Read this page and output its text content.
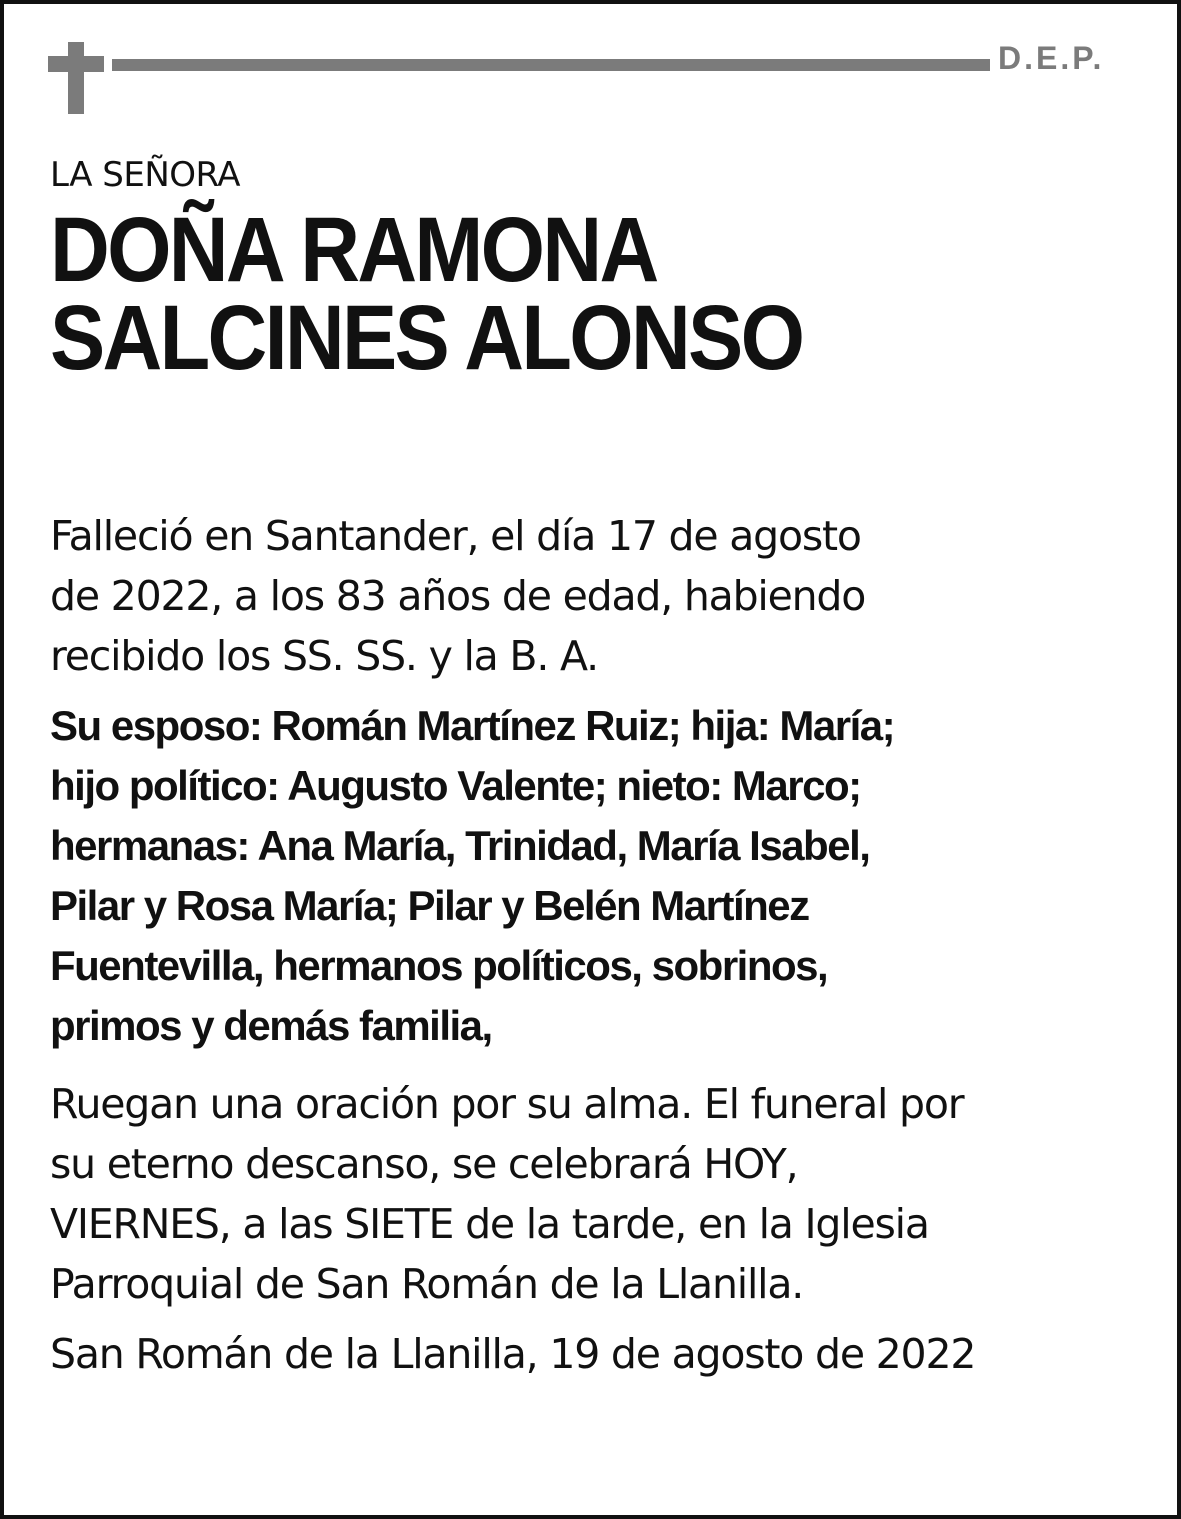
D.E.P.

LA SEÑORA

DOÑA RAMONA

SALCINES ALONSO

Falleció en Santander, el día 17 de agosto
de 2022, a los 83 años de edad, habiendo
recibido los SS. SS. y la B. A.

Su esposo: Román Martínez Ruiz; hija: María;
hijo político: Augusto Valente; nieto: Marco;
hermanas: Ana María, Trinidad, María Isabel,
Pilar y Rosa María; Pilar y Belén Martínez
Fuentevilla, hermanos políticos, sobrinos,
primos y demás familia,

Ruegan una oración por su alma. El funeral por
su eterno descanso, se celebrará HOY,
VIERNES, a las SIETE de la tarde, en la Iglesia
Parroquial de San Román de la Llanilla.

San Román de la Llanilla, 19 de agosto de 2022
